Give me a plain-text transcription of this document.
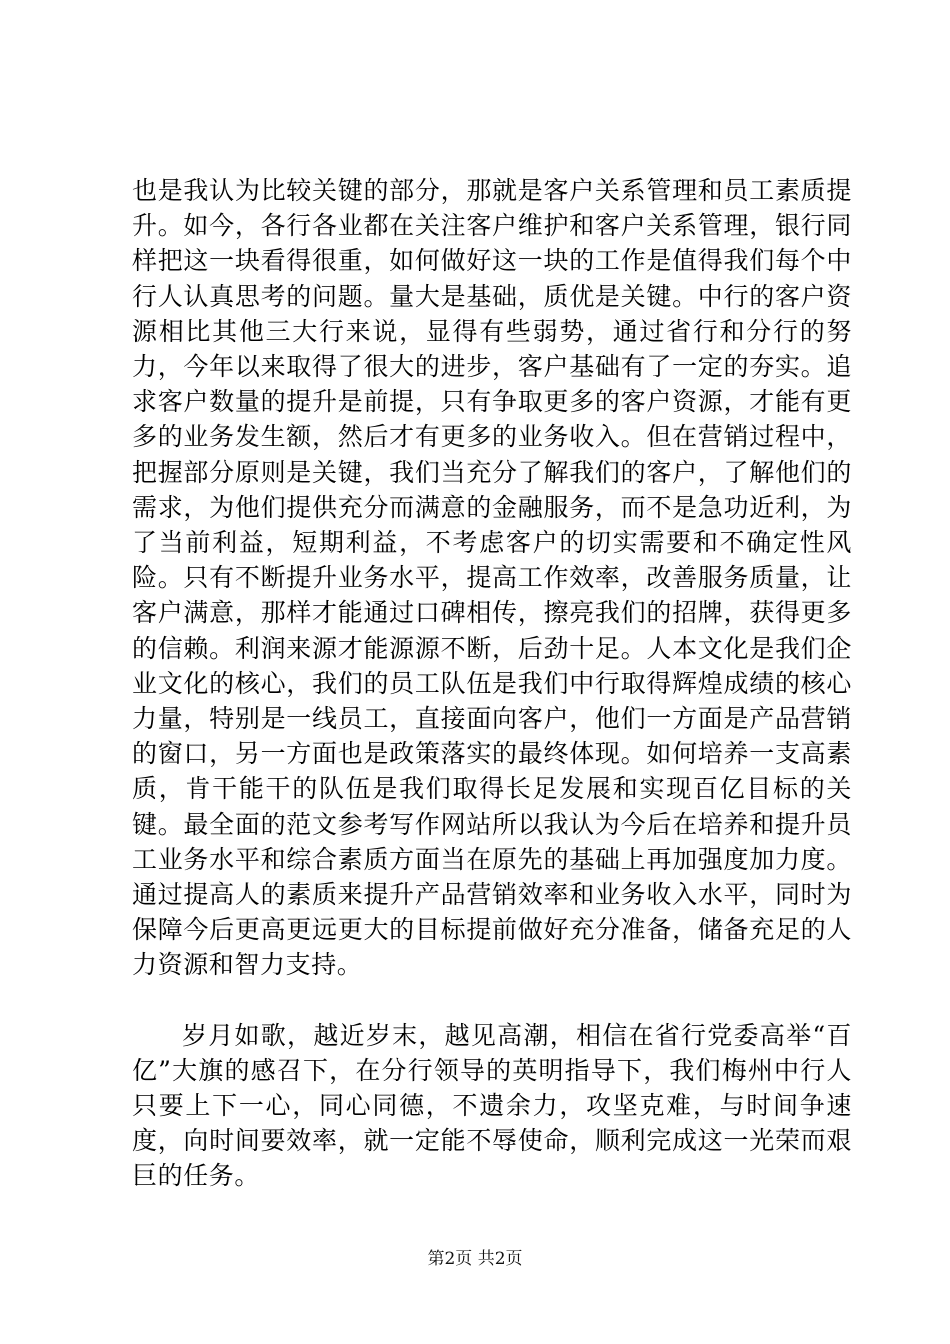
也是我认为比较关键的部分，那就是客户关系管理和员工素质提升。如今，各行各业都在关注客户维护和客户关系管理，银行同样把这一块看得很重，如何做好这一块的工作是值得我们每个中行人认真思考的问题。量大是基础，质优是关键。中行的客户资源相比其他三大行来说，显得有些弱势，通过省行和分行的努力，今年以来取得了很大的进步，客户基础有了一定的夯实。追求客户数量的提升是前提，只有争取更多的客户资源，才能有更多的业务发生额，然后才有更多的业务收入。但在营销过程中，把握部分原则是关键，我们当充分了解我们的客户，了解他们的需求，为他们提供充分而满意的金融服务，而不是急功近利，为了当前利益，短期利益，不考虑客户的切实需要和不确定性风险。只有不断提升业务水平，提高工作效率，改善服务质量，让客户满意，那样才能通过口碑相传，擦亮我们的招牌，获得更多的信赖。利润来源才能源源不断，后劲十足。人本文化是我们企业文化的核心，我们的员工队伍是我们中行取得辉煌成绩的核心力量，特别是一线员工，直接面向客户，他们一方面是产品营销的窗口，另一方面也是政策落实的最终体现。如何培养一支高素质，肯干能干的队伍是我们取得长足发展和实现百亿目标的关键。最全面的范文参考写作网站所以我认为今后在培养和提升员工业务水平和综合素质方面当在原先的基础上再加强度加力度。通过提高人的素质来提升产品营销效率和业务收入水平，同时为保障今后更高更远更大的目标提前做好充分准备，储备充足的人力资源和智力支持。

岁月如歌，越近岁末，越见高潮，相信在省行党委高举“百亿”大旗的感召下，在分行领导的英明指导下，我们梅州中行人只要上下一心，同心同德，不遗余力，攻坚克难，与时间争速度，向时间要效率，就一定能不辱使命，顺利完成这一光荣而艰巨的任务。

第2页 共2页
